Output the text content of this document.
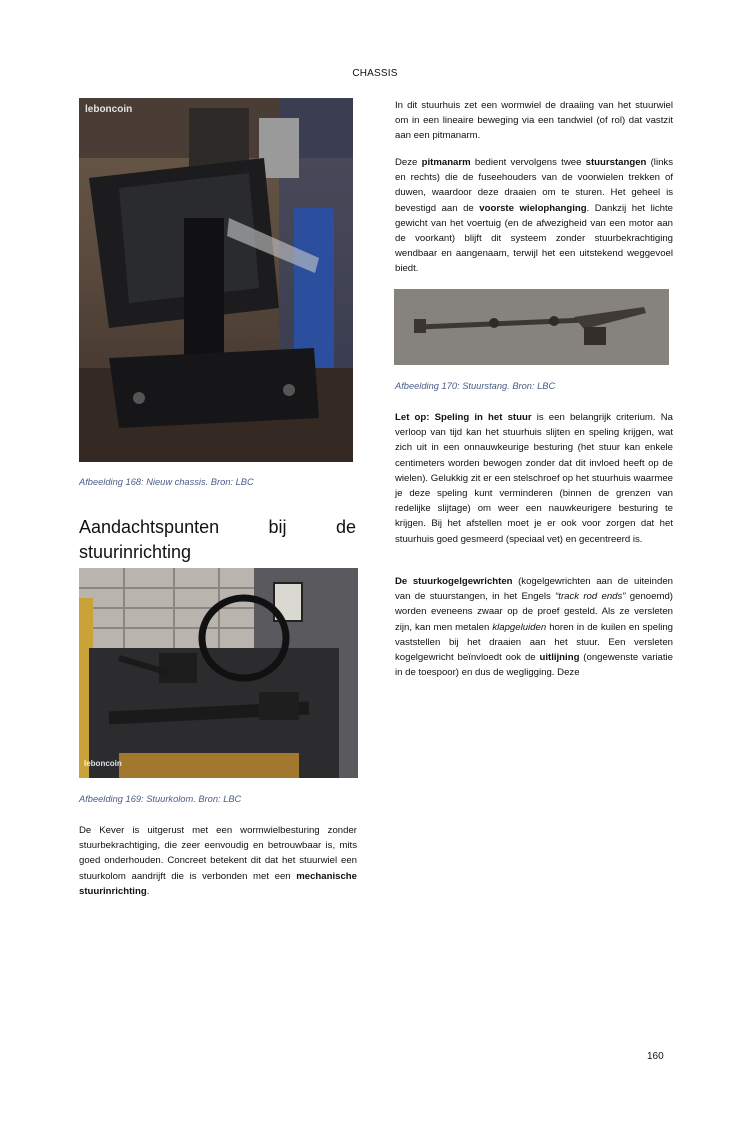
CHASSIS
leboncoin
Afbeelding 168: Nieuw chassis. Bron: LBC
Aandachtspunten	bij	de
stuurinrichting
leboncoin
Afbeelding 169: Stuurkolom. Bron: LBC

De Kever is uitgerust met een wormwielbesturing zonder stuurbekrachtiging, die zeer eenvoudig en betrouwbaar is, mits goed onderhouden. Concreet betekent dit dat het stuurwiel een stuurkolom aandrijft die is verbonden met een mechanische stuurinrichting.

In dit stuurhuis zet een wormwiel de draaiing van het stuurwiel om in een lineaire beweging via een tandwiel (of rol) dat vastzit aan een pitmanarm.

Deze pitmanarm bedient vervolgens twee stuurstangen (links en rechts) die de fuseehouders van de voorwielen trekken of duwen, waardoor deze draaien om te sturen. Het geheel is bevestigd aan de voorste wielophanging. Dankzij het lichte gewicht van het voertuig (en de afwezigheid van een motor aan de voorkant) blijft dit systeem zonder stuurbekrachtiging wendbaar en aangenaam, terwijl het een uitstekend weggevoel biedt.

Afbeelding 170: Stuurstang. Bron: LBC

Let op: Speling in het stuur is een belangrijk criterium. Na verloop van tijd kan het stuurhuis slijten en speling krijgen, wat zich uit in een onnauwkeurige besturing (het stuur kan enkele centimeters worden bewogen zonder dat dit invloed heeft op de wielen). Gelukkig zit er een stelschroef op het stuurhuis waarmee je deze speling kunt verminderen (binnen de grenzen van redelijke slijtage) om weer een nauwkeurigere besturing te krijgen. Bij het afstellen moet je er ook voor zorgen dat het stuurhuis goed gesmeerd (speciaal vet) en gecentreerd is.

De stuurkogelgewrichten (kogelgewrichten aan de uiteinden van de stuurstangen, in het Engels “track rod ends” genoemd) worden eveneens zwaar op de proef gesteld. Als ze versleten zijn, kan men metalen klapgeluiden horen in de kuilen en speling vaststellen bij het draaien aan het stuur. Een versleten kogelgewricht beïnvloedt ook de uitlijning (ongewenste variatie in de toespoor) en dus de wegligging. Deze

160
